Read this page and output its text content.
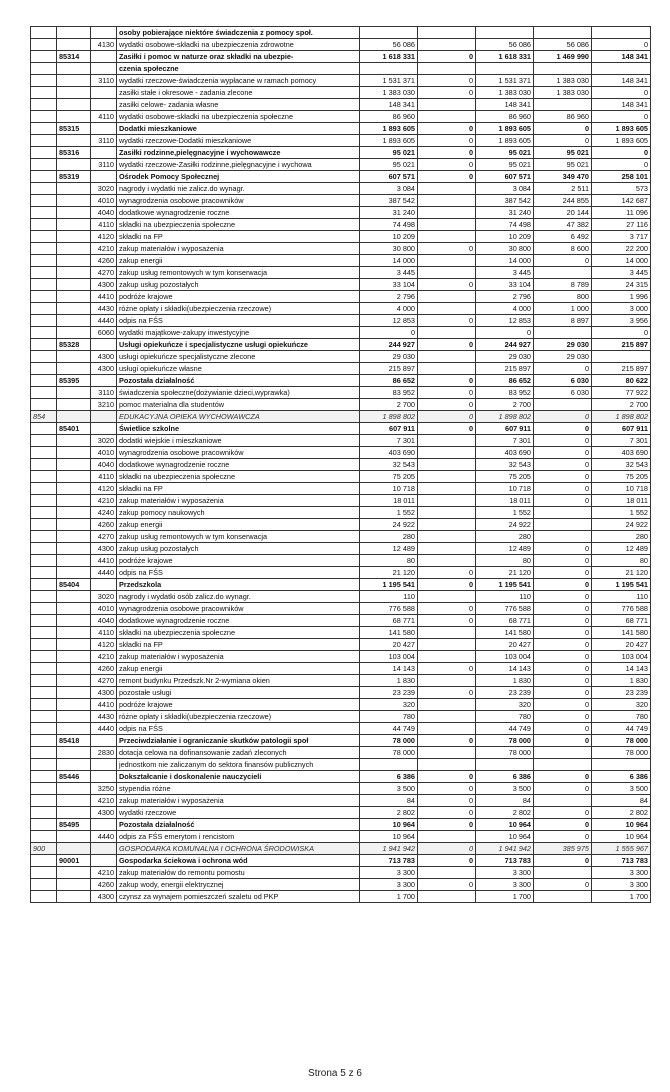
			osoby pobierające niektóre świadczenia z pomocy społ.					
		4130	wydatki osobowe-składki na ubezpieczenia zdrowotne	56 086		56 086	56 086	0
	85314		Zasiłki i pomoc w naturze oraz składki na ubezpie-	1 618 331	0	1 618 331	1 469 990	148 341
			czenia społeczne					
		3110	wydatki rzeczowe-świadczenia wypłacane w ramach pomocy	1 531 371	0	1 531 371	1 383 030	148 341
			zasiłki stałe i okresowe - zadania zlecone	1 383 030	0	1 383 030	1 383 030	0
			zasiłki celowe- zadania własne	148 341		148 341		148 341
		4110	wydatki osobowe-składki na ubezpieczenia społeczne	86 960		86 960	86 960	0
	85315		Dodatki mieszkaniowe	1 893 605	0	1 893 605	0	1 893 605
		3110	wydatki rzeczowe-Dodatki mieszkaniowe	1 893 605	0	1 893 605	0	1 893 605
	85316		Zasiłki rodzinne,pielęgnacyjne i wychowawcze	95 021	0	95 021	95 021	0
		3110	wydatki rzeczowe-Zasiłki rodzinne,pielęgnacyjne i wychowa	95 021	0	95 021	95 021	0
	85319		Ośrodek Pomocy Społecznej	607 571	0	607 571	349 470	258 101
		3020	nagrody i wydatki nie zalicz.do wynagr.	3 084		3 084	2 511	573
		4010	wynagrodzenia osobowe pracowników	387 542		387 542	244 855	142 687
		4040	dodatkowe wynagrodzenie roczne	31 240		31 240	20 144	11 096
		4110	składki na ubezpieczenia społeczne	74 498		74 498	47 382	27 116
		4120	składki na FP	10 209		10 209	6 492	3 717
		4210	zakup materiałów i wyposażenia	30 800	0	30 800	8 600	22 200
		4260	zakup energii	14 000		14 000	0	14 000
		4270	zakup usług remontowych w tym konserwacja	3 445		3 445		3 445
		4300	zakup usług pozostałych	33 104	0	33 104	8 789	24 315
		4410	podróże krajowe	2 796		2 796	800	1 996
		4430	różne opłaty i składki(ubezpieczenia rzeczowe)	4 000		4 000	1 000	3 000
		4440	odpis na FŚS	12 853	0	12 853	8 897	3 956
		6060	wydatki majątkowe-zakupy inwestycyjne	0		0		0
	85328		Usługi opiekuńcze i specjalistyczne usługi opiekuńcze	244 927	0	244 927	29 030	215 897
		4300	usługi opiekuńcze specjalistyczne zlecone	29 030		29 030	29 030	
		4300	usługi opiekuńcze własne	215 897		215 897	0	215 897
	85395		Pozostała działalność	86 652	0	86 652	6 030	80 622
		3110	świadczenia społeczne(dożywianie dzieci,wyprawka)	83 952	0	83 952	6 030	77 922
		3210	pomoc materialna dla studentów	2 700	0	2 700		2 700
854			EDUKACYJNA OPIEKA WYCHOWAWCZA	1 898 802	0	1 898 802	0	1 898 802
	85401		Świetlice szkolne	607 911	0	607 911	0	607 911
		3020	dodatki wiejskie i mieszkaniowe	7 301		7 301	0	7 301
		4010	wynagrodzenia osobowe pracowników	403 690		403 690	0	403 690
		4040	dodatkowe wynagrodzenie roczne	32 543		32 543	0	32 543
		4110	składki na ubezpieczenia społeczne	75 205		75 205	0	75 205
		4120	składki na FP	10 718		10 718	0	10 718
		4210	zakup materiałów i wyposażenia	18 011		18 011	0	18 011
		4240	zakup pomocy naukowych	1 552		1 552		1 552
		4260	zakup energii	24 922		24 922		24 922
		4270	zakup usług remontowych w tym konserwacja	280		280		280
		4300	zakup usług pozostałych	12 489		12 489	0	12 489
		4410	podróże krajowe	80		80	0	80
		4440	odpis na FŚS	21 120	0	21 120	0	21 120
	85404		Przedszkola	1 195 541	0	1 195 541	0	1 195 541
		3020	nagrody i wydatki osób zalicz.do wynagr.	110		110	0	110
		4010	wynagrodzenia osobowe pracowników	776 588	0	776 588	0	776 588
		4040	dodatkowe wynagrodzenie roczne	68 771	0	68 771	0	68 771
		4110	składki na ubezpieczenia społeczne	141 580		141 580	0	141 580
		4120	składki na FP	20 427		20 427	0	20 427
		4210	zakup materiałów i wyposażenia	103 004		103 004	0	103 004
		4260	zakup energii	14 143	0	14 143	0	14 143
		4270	remont budynku Przedszk.Nr 2-wymiana okien	1 830		1 830	0	1 830
		4300	pozostałe usługi	23 239	0	23 239	0	23 239
		4410	podróże krajowe	320		320	0	320
		4430	różne opłaty i składki(ubezpieczenia rzeczowe)	780		780	0	780
		4440	odpis na FŚS	44 749		44 749	0	44 749
	85418		Przeciwdziałanie i ograniczanie skutków patologii społ	78 000	0	78 000	0	78 000
		2830	dotacja celowa na dofinansowanie zadań zleconych	78 000		78 000		78 000
			jednostkom nie zaliczanym do sektora finansów publicznych					
	85446		Dokształcanie i doskonalenie nauczycieli	6 386	0	6 386	0	6 386
		3250	stypendia różne	3 500	0	3 500	0	3 500
		4210	zakup materiałów i wyposażenia	84	0	84		84
		4300	wydatki rzeczowe	2 802	0	2 802	0	2 802
	85495		Pozostała działalność	10 964	0	10 964	0	10 964
		4440	odpis za FŚS emerytom i rencistom	10 964		10 964	0	10 964
900			GOSPODARKA KOMUNALNA I OCHRONA ŚRODOWISKA	1 941 942	0	1 941 942	385 975	1 555 967
	90001		Gospodarka ściekowa i ochrona wód	713 783	0	713 783	0	713 783
		4210	zakup materiałów do remontu pomostu	3 300		3 300		3 300
		4260	zakup wody, energii elektrycznej	3 300	0	3 300	0	3 300
		4300	czynsz za wynajem pomieszczeń szaletu od PKP	1 700		1 700		1 700
Strona 5 z 6
